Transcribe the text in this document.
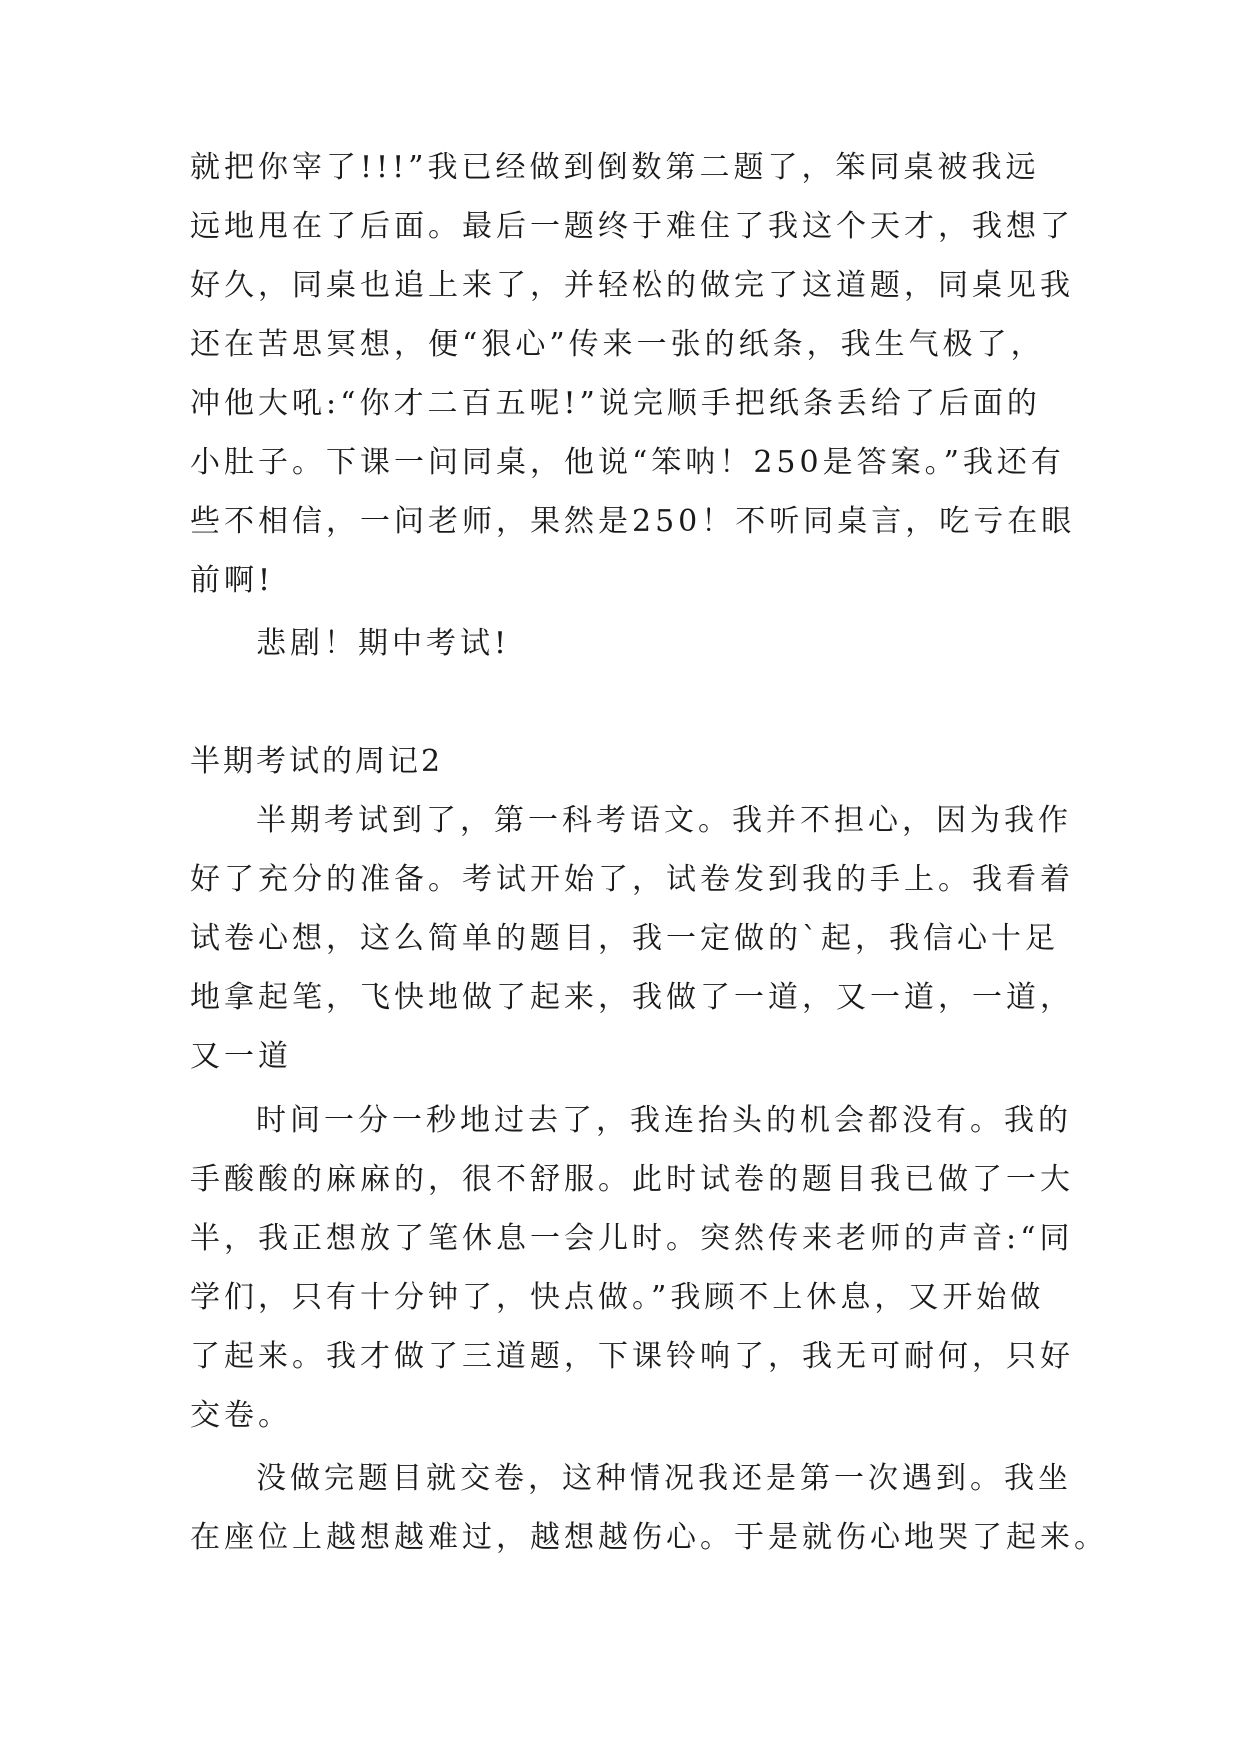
就把你宰了!!!”我已经做到倒数第二题了，笨同桌被我远
远地甩在了后面。最后一题终于难住了我这个天才，我想了
好久，同桌也追上来了，并轻松的做完了这道题，同桌见我
还在苦思冥想，便“狠心”传来一张的纸条，我生气极了，
冲他大吼:“你才二百五呢!”说完顺手把纸条丢给了后面的
小肚子。下课一问同桌，他说“笨呐！250是答案。”我还有
些不相信，一问老师，果然是250！不听同桌言，吃亏在眼
前啊!
悲剧！期中考试!
半期考试的周记2
半期考试到了，第一科考语文。我并不担心，因为我作
好了充分的准备。考试开始了，试卷发到我的手上。我看着
试卷心想，这么简单的题目，我一定做的`起，我信心十足
地拿起笔，飞快地做了起来，我做了一道，又一道，一道，
又一道
时间一分一秒地过去了，我连抬头的机会都没有。我的
手酸酸的麻麻的，很不舒服。此时试卷的题目我已做了一大
半，我正想放了笔休息一会儿时。突然传来老师的声音:“同
学们，只有十分钟了，快点做。”我顾不上休息，又开始做
了起来。我才做了三道题，下课铃响了，我无可耐何，只好
交卷。
没做完题目就交卷，这种情况我还是第一次遇到。我坐
在座位上越想越难过，越想越伤心。于是就伤心地哭了起来。
